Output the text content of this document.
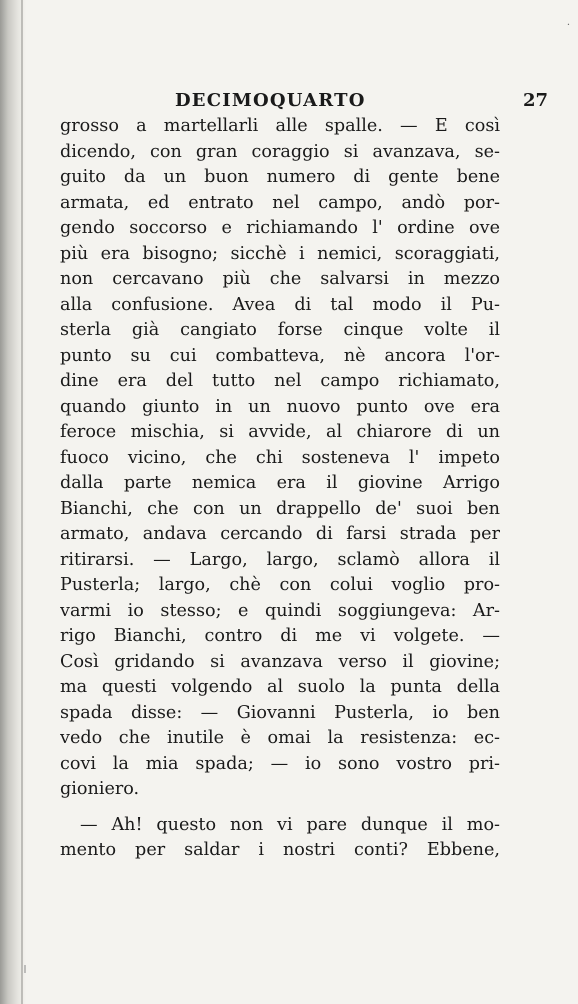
·
DECIMOQUARTO	27
grosso a martellarli alle spalle. — E così
dicendo, con gran coraggio si avanzava, se-
guito da un buon numero di gente bene
armata, ed entrato nel campo, andò por-
gendo soccorso e richiamando l' ordine ove
più era bisogno; sicchè i nemici, scoraggiati,
non cercavano più che salvarsi in mezzo
alla confusione. Avea di tal modo il Pu-
sterla già cangiato forse cinque volte il
punto su cui combatteva, nè ancora l'or-
dine era del tutto nel campo richiamato,
quando giunto in un nuovo punto ove era
feroce mischia, si avvide, al chiarore di un
fuoco vicino, che chi sosteneva l' impeto
dalla parte nemica era il giovine Arrigo
Bianchi, che con un drappello de' suoi ben
armato, andava cercando di farsi strada per
ritirarsi. — Largo, largo, sclamò allora il
Pusterla; largo, chè con colui voglio pro-
varmi io stesso; e quindi soggiungeva: Ar-
rigo Bianchi, contro di me vi volgete. —
Così gridando si avanzava verso il giovine;
ma questi volgendo al suolo la punta della
spada disse: — Giovanni Pusterla, io ben
vedo che inutile è omai la resistenza: ec-
covi la mia spada; — io sono vostro pri-
gioniero.
— Ah! questo non vi pare dunque il mo-
mento per saldar i nostri conti? Ebbene,
